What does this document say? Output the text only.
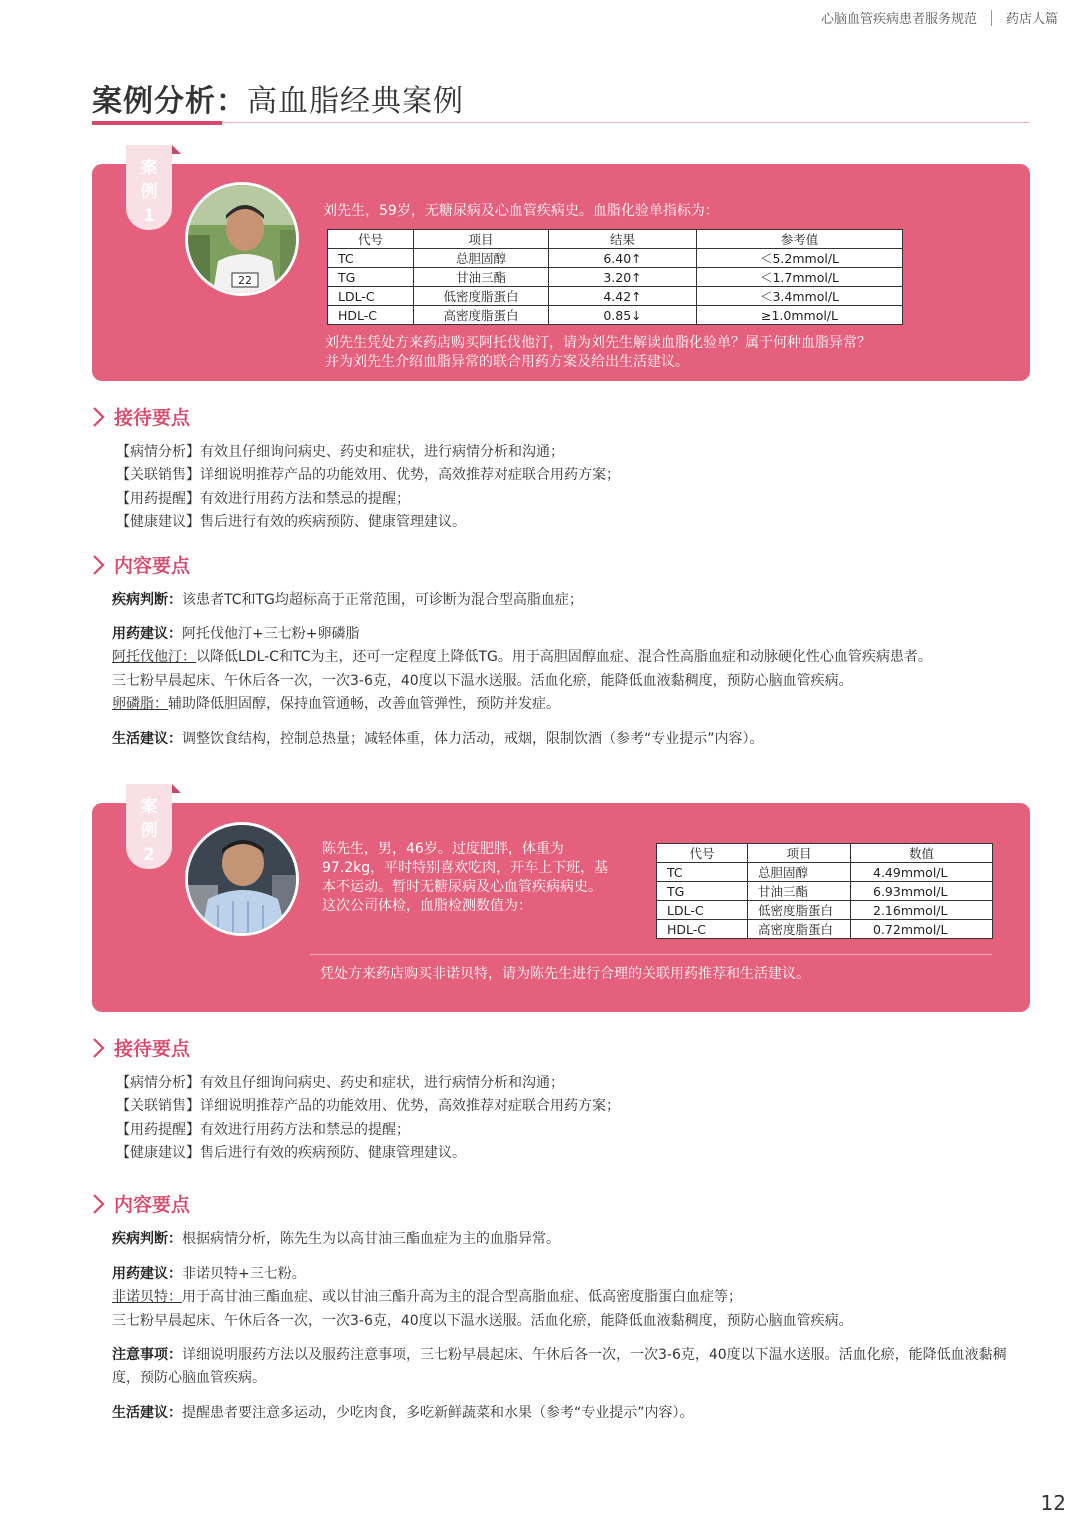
心脑血管疾病患者服务规范 药店人篇
案例分析：高血脂经典案例
案
例
1
22
刘先生，59岁，无糖尿病及心血管疾病史。血脂化验单指标为：
代号	项目	结果	参考值
TC	总胆固醇	6.40↑	＜5.2mmol/L
TG	甘油三酯	3.20↑	＜1.7mmol/L
LDL-C	低密度脂蛋白	4.42↑	＜3.4mmol/L
HDL-C	高密度脂蛋白	0.85↓	≥1.0mmol/L
刘先生凭处方来药店购买阿托伐他汀，请为刘先生解读血脂化验单？属于何种血脂异常？
并为刘先生介绍血脂异常的联合用药方案及给出生活建议。
接待要点
【病情分析】有效且仔细询问病史、药史和症状，进行病情分析和沟通；
【关联销售】详细说明推荐产品的功能效用、优势，高效推荐对症联合用药方案；
【用药提醒】有效进行用药方法和禁忌的提醒；
【健康建议】售后进行有效的疾病预防、健康管理建议。
内容要点
疾病判断：该患者TC和TG均超标高于正常范围，可诊断为混合型高脂血症；
用药建议：阿托伐他汀+三七粉+卵磷脂
阿托伐他汀：以降低LDL-C和TC为主，还可一定程度上降低TG。用于高胆固醇血症、混合性高脂血症和动脉硬化性心血管疾病患者。
三七粉早晨起床、午休后各一次，一次3-6克，40度以下温水送服。活血化瘀，能降低血液黏稠度，预防心脑血管疾病。
卵磷脂：辅助降低胆固醇，保持血管通畅，改善血管弹性，预防并发症。
生活建议：调整饮食结构，控制总热量；减轻体重，体力活动，戒烟，限制饮酒（参考“专业提示”内容）。
案
例
2	陈先生，男，46岁。过度肥胖，体重为
97.2kg，平时特别喜欢吃肉，开车上下班，基
本不运动。暂时无糖尿病及心血管疾病病史。
这次公司体检，血脂检测数值为：
代号	项目	数值
TC	总胆固醇	4.49mmol/L
TG	甘油三酯	6.93mmol/L
LDL-C	低密度脂蛋白	2.16mmol/L
HDL-C	高密度脂蛋白	0.72mmol/L
凭处方来药店购买非诺贝特，请为陈先生进行合理的关联用药推荐和生活建议。
接待要点
【病情分析】有效且仔细询问病史、药史和症状，进行病情分析和沟通；
【关联销售】详细说明推荐产品的功能效用、优势，高效推荐对症联合用药方案；
【用药提醒】有效进行用药方法和禁忌的提醒；
【健康建议】售后进行有效的疾病预防、健康管理建议。
内容要点
疾病判断：根据病情分析，陈先生为以高甘油三酯血症为主的血脂异常。
用药建议：非诺贝特+三七粉。
非诺贝特：用于高甘油三酯血症、或以甘油三酯升高为主的混合型高脂血症、低高密度脂蛋白血症等；
三七粉早晨起床、午休后各一次，一次3-6克，40度以下温水送服。活血化瘀，能降低血液黏稠度，预防心脑血管疾病。
注意事项：详细说明服药方法以及服药注意事项，三七粉早晨起床、午休后各一次，一次3-6克，40度以下温水送服。活血化瘀，能降低血液黏稠度，预防心脑血管疾病。
生活建议：提醒患者要注意多运动，少吃肉食，多吃新鲜蔬菜和水果（参考“专业提示”内容）。
12
